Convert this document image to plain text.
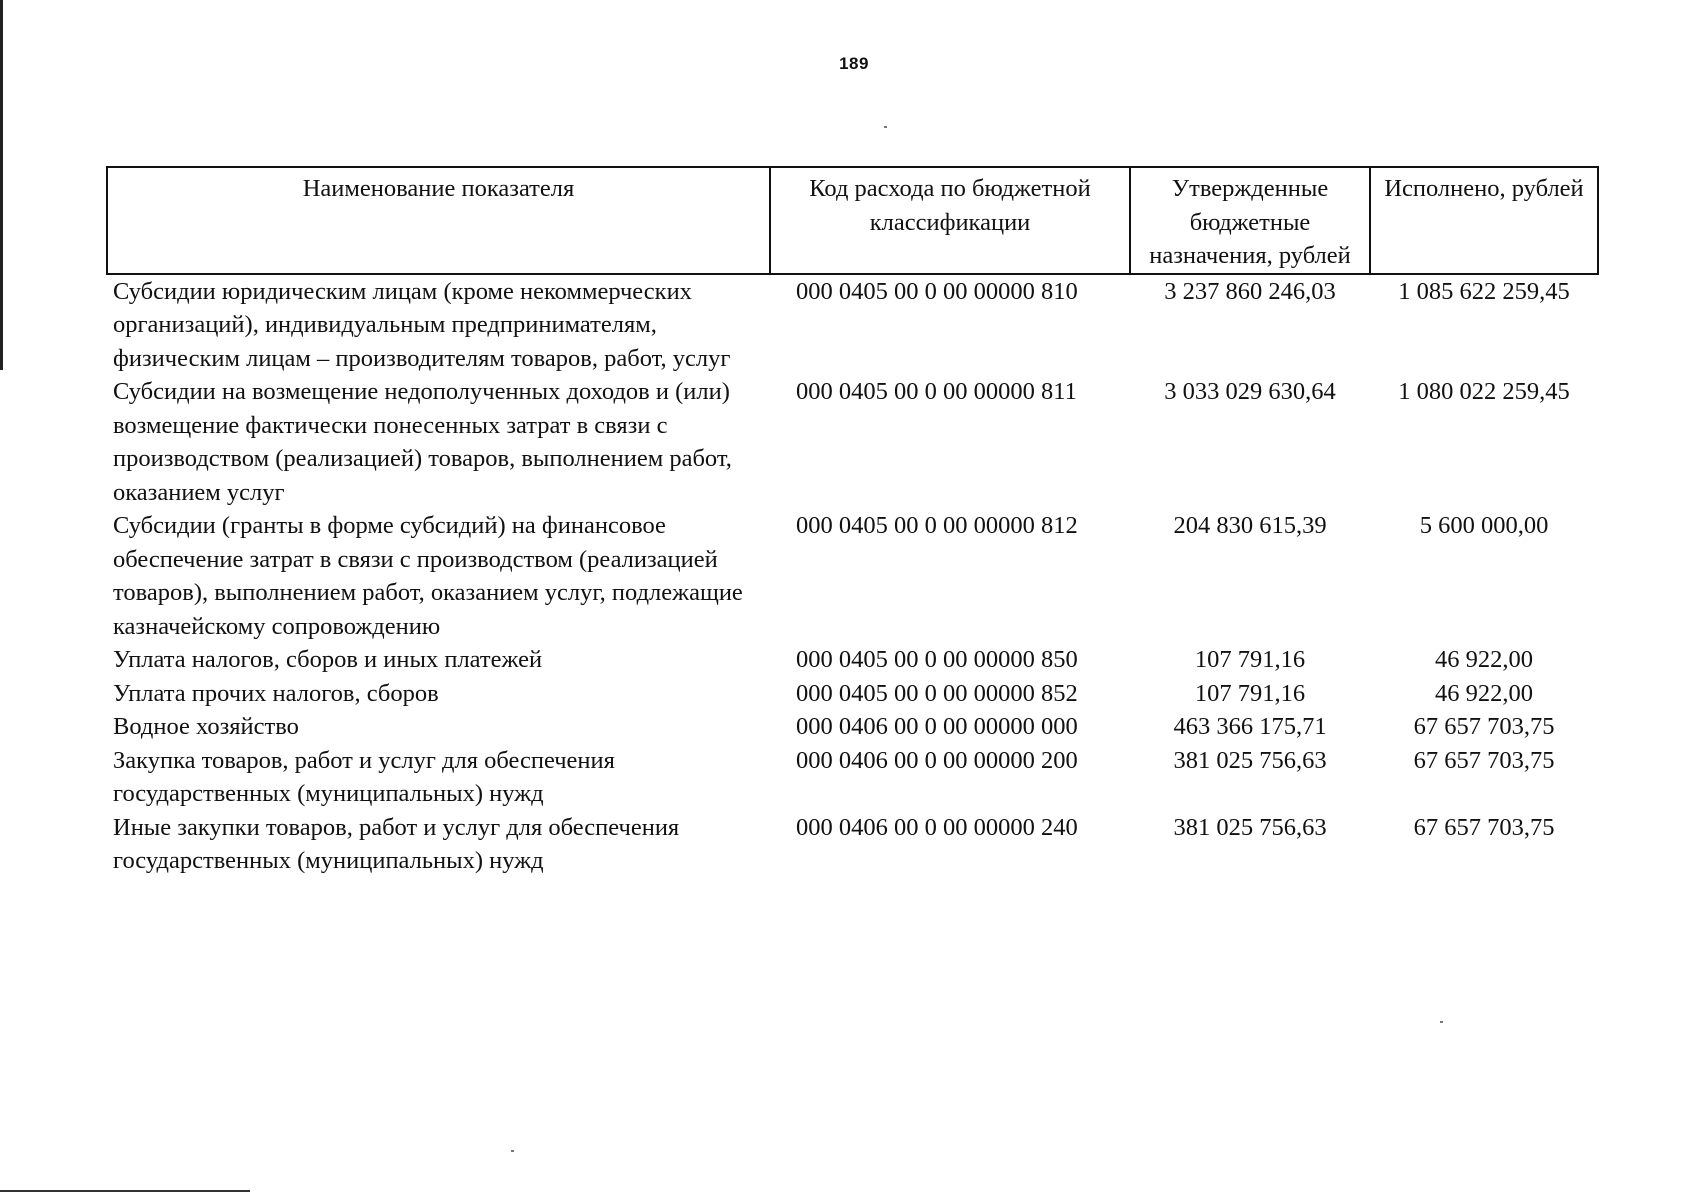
189
Наименование показателя	Код расхода по бюджетной классификации	Утвержденные бюджетные назначения, рублей	Исполнено, рублей
Субсидии юридическим лицам (кроме некоммерческих организаций), индивидуальным предпринимателям, физическим лицам – производителям товаров, работ, услуг	000 0405 00 0 00 00000 810	3 237 860 246,03	1 085 622 259,45
Субсидии на возмещение недополученных доходов и (или) возмещение фактически понесенных затрат в связи с производством (реализацией) товаров, выполнением работ, оказанием услуг	000 0405 00 0 00 00000 811	3 033 029 630,64	1 080 022 259,45
Субсидии (гранты в форме субсидий) на финансовое обеспечение затрат в связи с производством (реализацией товаров), выполнением работ, оказанием услуг, подлежащие казначейскому сопровождению	000 0405 00 0 00 00000 812	204 830 615,39	5 600 000,00
Уплата налогов, сборов и иных платежей	000 0405 00 0 00 00000 850	107 791,16	46 922,00
Уплата прочих налогов, сборов	000 0405 00 0 00 00000 852	107 791,16	46 922,00
Водное хозяйство	000 0406 00 0 00 00000 000	463 366 175,71	67 657 703,75
Закупка товаров, работ и услуг для обеспечения государственных (муниципальных) нужд	000 0406 00 0 00 00000 200	381 025 756,63	67 657 703,75
Иные закупки товаров, работ и услуг для обеспечения государственных (муниципальных) нужд	000 0406 00 0 00 00000 240	381 025 756,63	67 657 703,75
